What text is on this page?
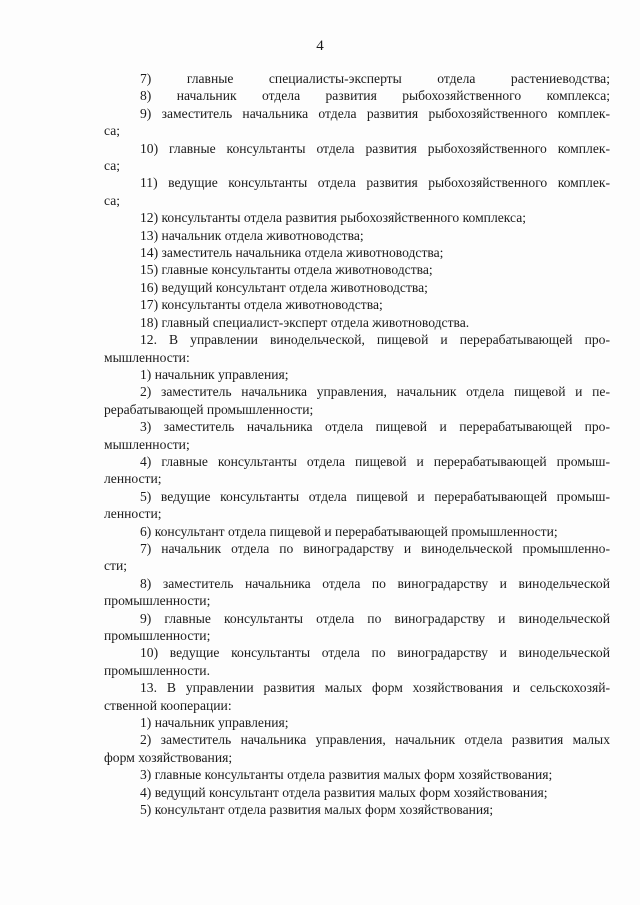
4

7) главные специалисты-эксперты отдела растениеводства;

8) начальник отдела развития рыбохозяйственного комплекса;

9) заместитель начальника отдела развития рыбохозяйственного комплек-

са;

10) главные консультанты отдела развития рыбохозяйственного комплек-

са;

11) ведущие консультанты отдела развития рыбохозяйственного комплек-

са;

12) консультанты отдела развития рыбохозяйственного комплекса;

13) начальник отдела животноводства;

14) заместитель начальника отдела животноводства;

15) главные консультанты отдела животноводства;

16) ведущий консультант отдела животноводства;

17) консультанты отдела животноводства;

18) главный специалист-эксперт отдела животноводства.

12. В управлении винодельческой, пищевой и перерабатывающей про-

мышленности:

1) начальник управления;

2) заместитель начальника управления, начальник отдела пищевой и пе-

рерабатывающей промышленности;

3) заместитель начальника отдела пищевой и перерабатывающей про-

мышленности;

4) главные консультанты отдела пищевой и перерабатывающей промыш-

ленности;

5) ведущие консультанты отдела пищевой и перерабатывающей промыш-

ленности;

6) консультант отдела пищевой и перерабатывающей промышленности;

7) начальник отдела по виноградарству и винодельческой промышленно-

сти;

8) заместитель начальника отдела по виноградарству и винодельческой

промышленности;

9) главные консультанты отдела по виноградарству и винодельческой

промышленности;

10) ведущие консультанты отдела по виноградарству и винодельческой

промышленности.

13. В управлении развития малых форм хозяйствования и сельскохозяй-

ственной кооперации:

1) начальник управления;

2) заместитель начальника управления, начальник отдела развития малых

форм хозяйствования;

3) главные консультанты отдела развития малых форм хозяйствования;

4) ведущий консультант отдела развития малых форм хозяйствования;

5) консультант отдела развития малых форм хозяйствования;
